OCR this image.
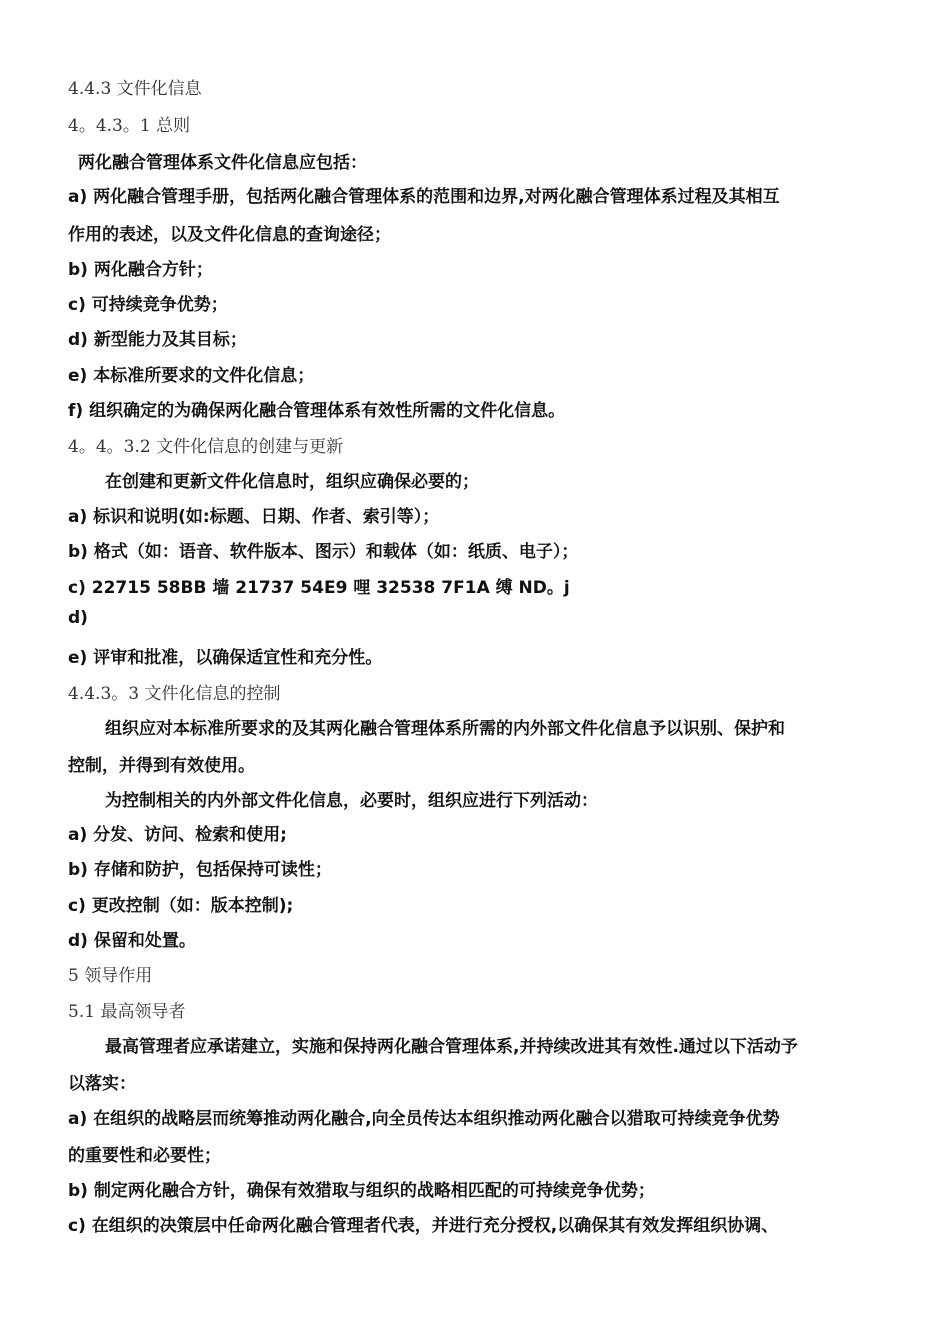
4.4.3 文件化信息
4。4.3。1 总则
两化融合管理体系文件化信息应包括：
a) 两化融合管理手册，包括两化融合管理体系的范围和边界,对两化融合管理体系过程及其相互
作用的表述，以及文件化信息的查询途径；
b) 两化融合方针；
c) 可持续竞争优势；
d) 新型能力及其目标；
e) 本标准所要求的文件化信息；
f) 组织确定的为确保两化融合管理体系有效性所需的文件化信息。
4。4。3.2 文件化信息的创建与更新
在创建和更新文件化信息时，组织应确保必要的；
a) 标识和说明(如:标题、日期、作者、索引等）；
b) 格式（如：语音、软件版本、图示）和载体（如：纸质、电子）；
c) 22715 58BB 墙 21737 54E9 哩 32538 7F1A 缚 ND。j
d)
e) 评审和批准，以确保适宜性和充分性。
4.4.3。3 文件化信息的控制
组织应对本标准所要求的及其两化融合管理体系所需的内外部文件化信息予以识别、保护和
控制，并得到有效使用。
为控制相关的内外部文件化信息，必要时，组织应进行下列活动：
a) 分发、访问、检索和使用;
b) 存储和防护，包括保持可读性；
c) 更改控制（如：版本控制);
d) 保留和处置。
5 领导作用
5.1 最高领导者
最高管理者应承诺建立，实施和保持两化融合管理体系,并持续改进其有效性.通过以下活动予
以落实：
a) 在组织的战略层而统筹推动两化融合,向全员传达本组织推动两化融合以猎取可持续竞争优势
的重要性和必要性；
b) 制定两化融合方针，确保有效猎取与组织的战略相匹配的可持续竞争优势；
c) 在组织的决策层中任命两化融合管理者代表，并进行充分授权,以确保其有效发挥组织协调、
